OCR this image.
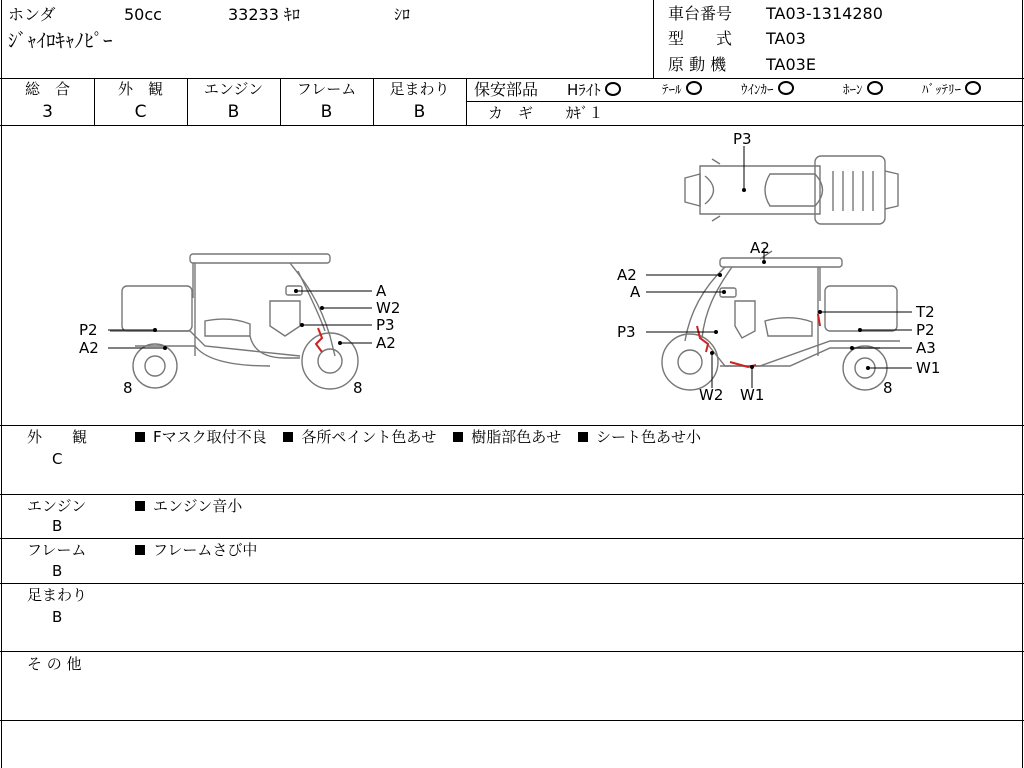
ホンダ	50cc	33233 ｷﾛ	ｼﾛ
ｼﾞｬｲﾛｷｬﾉﾋﾟｰ
車台番号 TA03-1314280
型　　式 TA03
原 動 機 TA03E
総　合	外　観	エンジン	フレーム	足まわり
3	C	B	B	B
保安部品 Hﾗｲﾄ	ﾃｰﾙ	ｳｲﾝｶｰ	ﾎｰﾝ	ﾊﾞｯﾃﾘｰ
カ　ギ ｶｷﾞ１
A
W2
P3
A2
P2
A2
8	8
P3
A2
A2
A
P3
T2
P2
A3
W1
W2 W1	8
外　　観
C
Fマスク取付不良 各所ペイント色あせ 樹脂部色あせ シート色あせ小
エンジン
B
エンジン音小
フレーム
B
フレームさび中
足まわり
B
そ の 他
